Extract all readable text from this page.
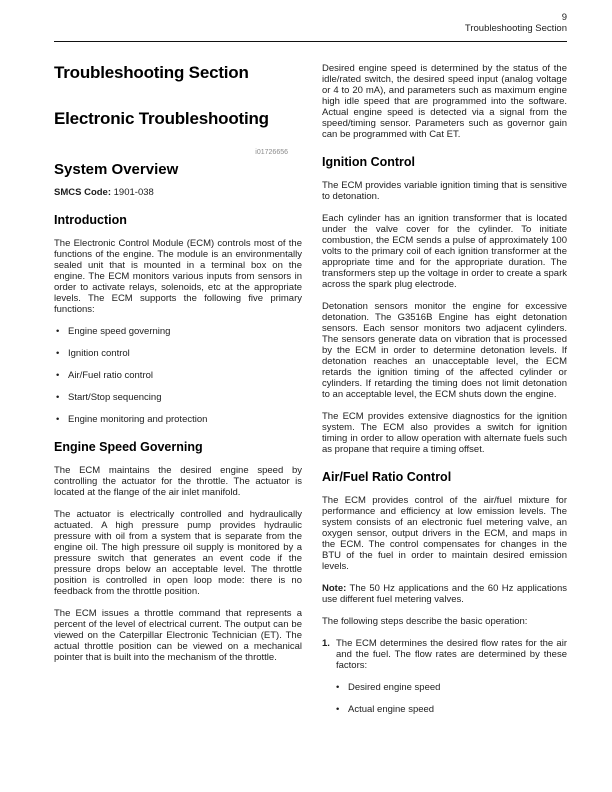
9
Troubleshooting Section
Troubleshooting Section
Electronic Troubleshooting
i01726656
System Overview

SMCS Code: 1901-038

Introduction

The Electronic Control Module (ECM) controls most of the functions of the engine. The module is an environmentally sealed unit that is mounted in a terminal box on the engine. The ECM monitors various inputs from sensors in order to activate relays, solenoids, etc at the appropriate levels. The ECM supports the following five primary functions:

• Engine speed governing
• Ignition control
• Air/Fuel ratio control
• Start/Stop sequencing
• Engine monitoring and protection
Engine Speed Governing

The ECM maintains the desired engine speed by controlling the actuator for the throttle. The actuator is located at the flange of the air inlet manifold.

The actuator is electrically controlled and hydraulically actuated. A high pressure pump provides hydraulic pressure with oil from a system that is separate from the engine oil. The high pressure oil supply is monitored by a pressure switch that generates an event code if the pressure drops below an acceptable level. The throttle position is controlled in open loop mode: there is no feedback from the throttle position.

The ECM issues a throttle command that represents a percent of the level of electrical current. The output can be viewed on the Caterpillar Electronic Technician (ET). The actual throttle position can be viewed on a mechanical pointer that is built into the mechanism of the throttle.

Desired engine speed is determined by the status of the idle/rated switch, the desired speed input (analog voltage or 4 to 20 mA), and parameters such as maximum engine high idle speed that are programmed into the software. Actual engine speed is detected via a signal from the speed/timing sensor. Parameters such as governor gain can be programmed with Cat ET.

Ignition Control

The ECM provides variable ignition timing that is sensitive to detonation.

Each cylinder has an ignition transformer that is located under the valve cover for the cylinder. To initiate combustion, the ECM sends a pulse of approximately 100 volts to the primary coil of each ignition transformer at the appropriate time and for the appropriate duration. The transformers step up the voltage in order to create a spark across the spark plug electrode.

Detonation sensors monitor the engine for excessive detonation. The G3516B Engine has eight detonation sensors. Each sensor monitors two adjacent cylinders. The sensors generate data on vibration that is processed by the ECM in order to determine detonation levels. If detonation reaches an unacceptable level, the ECM retards the ignition timing of the affected cylinder or cylinders. If retarding the timing does not limit detonation to an acceptable level, the ECM shuts down the engine.

The ECM provides extensive diagnostics for the ignition system. The ECM also provides a switch for ignition timing in order to allow operation with alternate fuels such as propane that require a timing offset.

Air/Fuel Ratio Control

The ECM provides control of the air/fuel mixture for performance and efficiency at low emission levels. The system consists of an electronic fuel metering valve, an oxygen sensor, output drivers in the ECM, and maps in the ECM. The control compensates for changes in the BTU of the fuel in order to maintain desired emission levels.

Note: The 50 Hz applications and the 60 Hz applications use different fuel metering valves.

The following steps describe the basic operation:

1. The ECM determines the desired flow rates for the air and the fuel. The flow rates are determined by these factors:
• Desired engine speed
• Actual engine speed
